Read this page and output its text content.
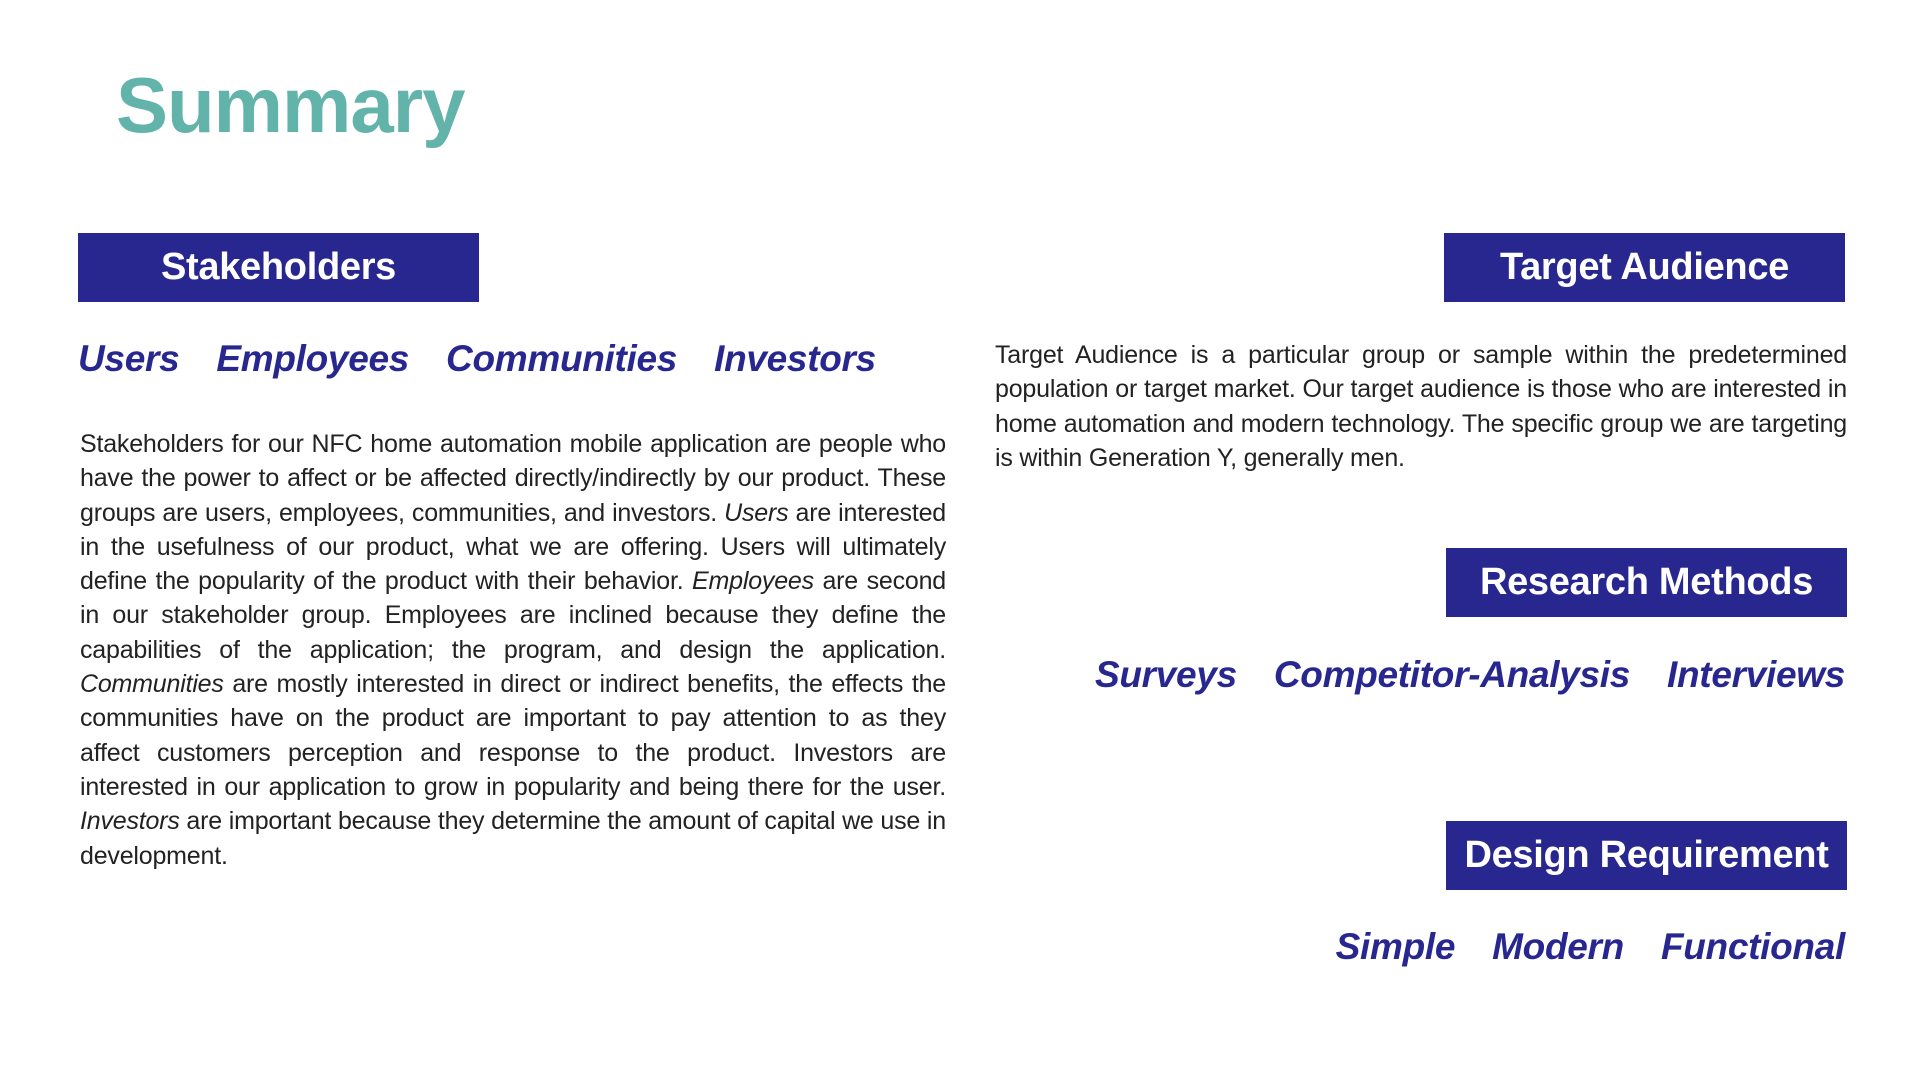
Summary
Stakeholders
Users Employees Communities Investors

Stakeholders for our NFC home automation mobile application are people who have the power to affect or be affected directly/indirectly by our product. These groups are users, employees, communities, and investors. Users are interested in the usefulness of our product, what we are offering. Users will ultimately define the popularity of the product with their behavior. Employees are second in our stakeholder group. Employees are inclined because they define the capabilities of the application; the program, and design the application. Communities are mostly interested in direct or indirect benefits, the effects the communities have on the product are important to pay attention to as they affect customers perception and response to the product. Investors are interested in our application to grow in popularity and being there for the user. Investors are important because they determine the amount of capital we use in development.

Target Audience

Target Audience is a particular group or sample within the predetermined population or target market. Our target audience is those who are interested in home automation and modern technology. The specific group we are targeting is within Generation Y, generally men.

Research Methods
Surveys Competitor-Analysis Interviews
Design Requirement
Simple Modern Functional
